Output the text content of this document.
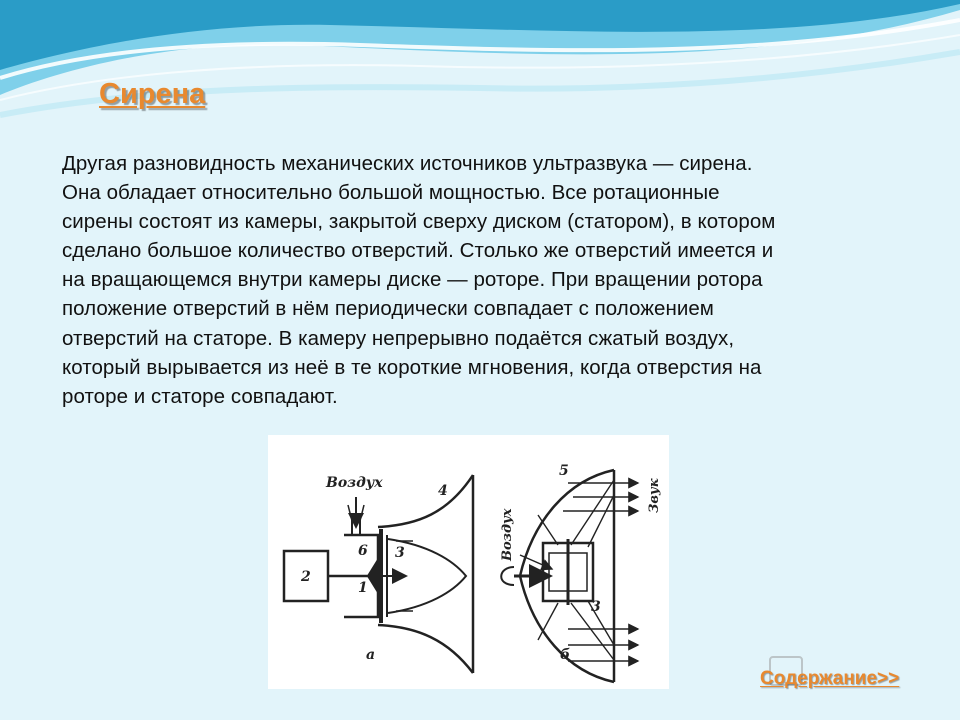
Сирена

Другая разновидность механических источников ультразвука — сирена.
Она обладает относительно большой мощностью. Все ротационные
сирены состоят из камеры, закрытой сверху диском (статором), в котором
сделано большое количество отверстий. Столько же отверстий имеется и
на вращающемся внутри камеры диске — роторе. При вращении ротора
положение отверстий в нём периодически совпадает с положением
отверстий на статоре. В камеру непрерывно подаётся сжатый воздух,
который вырывается из неё в те короткие мгновения, когда отверстия на
роторе и статоре совпадают.

Воздух	4
6 3
2
1
а
5
3
б
Воздух
Звук
Содержание>>
